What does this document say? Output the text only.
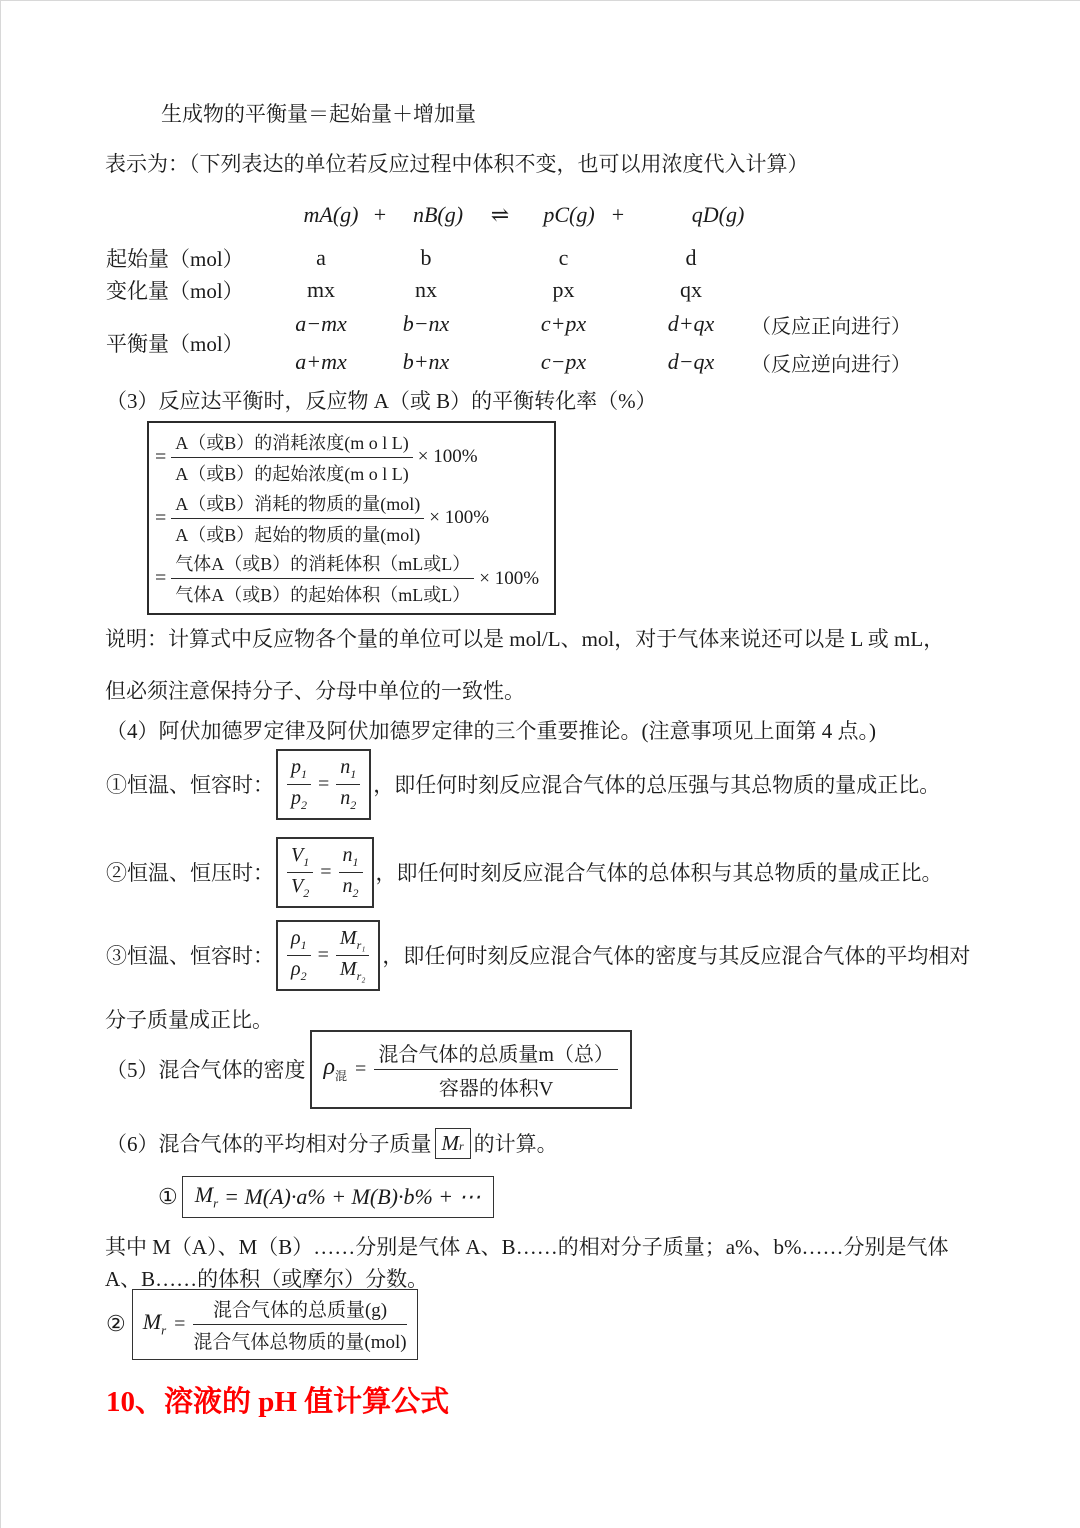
生成物的平衡量＝起始量＋增加量
表示为：（下列表达的单位若反应过程中体积不变，也可以用浓度代入计算）
mA(g) + nB(g) ⇌ pC(g) +	qD(g)
起始量（mol）	a	b	c	d
变化量（mol）	mx	nx	px	qx
平衡量（mol）
a−mx	b−nx	c+px	d+qx	（反应正向进行）
a+mx	b+nx	c−px	d−qx	（反应逆向进行）
（3）反应达平衡时，反应物 A（或 B）的平衡转化率（%）
= $\frac{\text{A（或B）的消耗浓度(m o l L)}}{\text{A（或B）的起始浓度(m o l L)}} \times 100\%$
= $\frac{\text{A（或B）消耗的物质的量(mol)}}{\text{A（或B）起始的物质的量(mol)}} \times 100\%$
= $\frac{\text{气体A（或B）的消耗体积（mL或L）}}{\text{气体A（或B）的起始体积（mL或L）}} \times 100\%$
说明：计算式中反应物各个量的单位可以是 mol/L、mol，对于气体来说还可以是 L 或 mL，
但必须注意保持分子、分母中单位的一致性。
（4）阿伏加德罗定律及阿伏加德罗定律的三个重要推论。(注意事项见上面第 4 点。)
①恒温、恒容时： $\frac{p_1}{p_2} = \frac{n_1}{n_2}$ ，即任何时刻反应混合气体的总压强与其总物质的量成正比。
②恒温、恒压时： $\frac{V_1}{V_2} = \frac{n_1}{n_2}$ ，即任何时刻反应混合气体的总体积与其总物质的量成正比。
③恒温、恒容时： $\frac{\rho_1}{\rho_2} = \frac{M_{r_1}}{M_{r_2}}$ ，即任何时刻反应混合气体的密度与其反应混合气体的平均相对
分子质量成正比。
（5）混合气体的密度 $\rho_混 = \frac{\text{混合气体的总质量m（总）}}{\text{容器的体积V}}$
（6）混合气体的平均相对分子质量 M r 的计算。
① $M_r = M(A)\cdot a\% + M(B)\cdot b\%$ + ⋯
其中 M（A）、M（B）……分别是气体 A、B……的相对分子质量；a%、b%……分别是气体
A、B……的体积（或摩尔）分数。
② $M_r = \frac{\text{混合气体的总质量(g)}}{\text{混合气体总物质的量(mol)}}$
10、溶液的 pH 值计算公式
